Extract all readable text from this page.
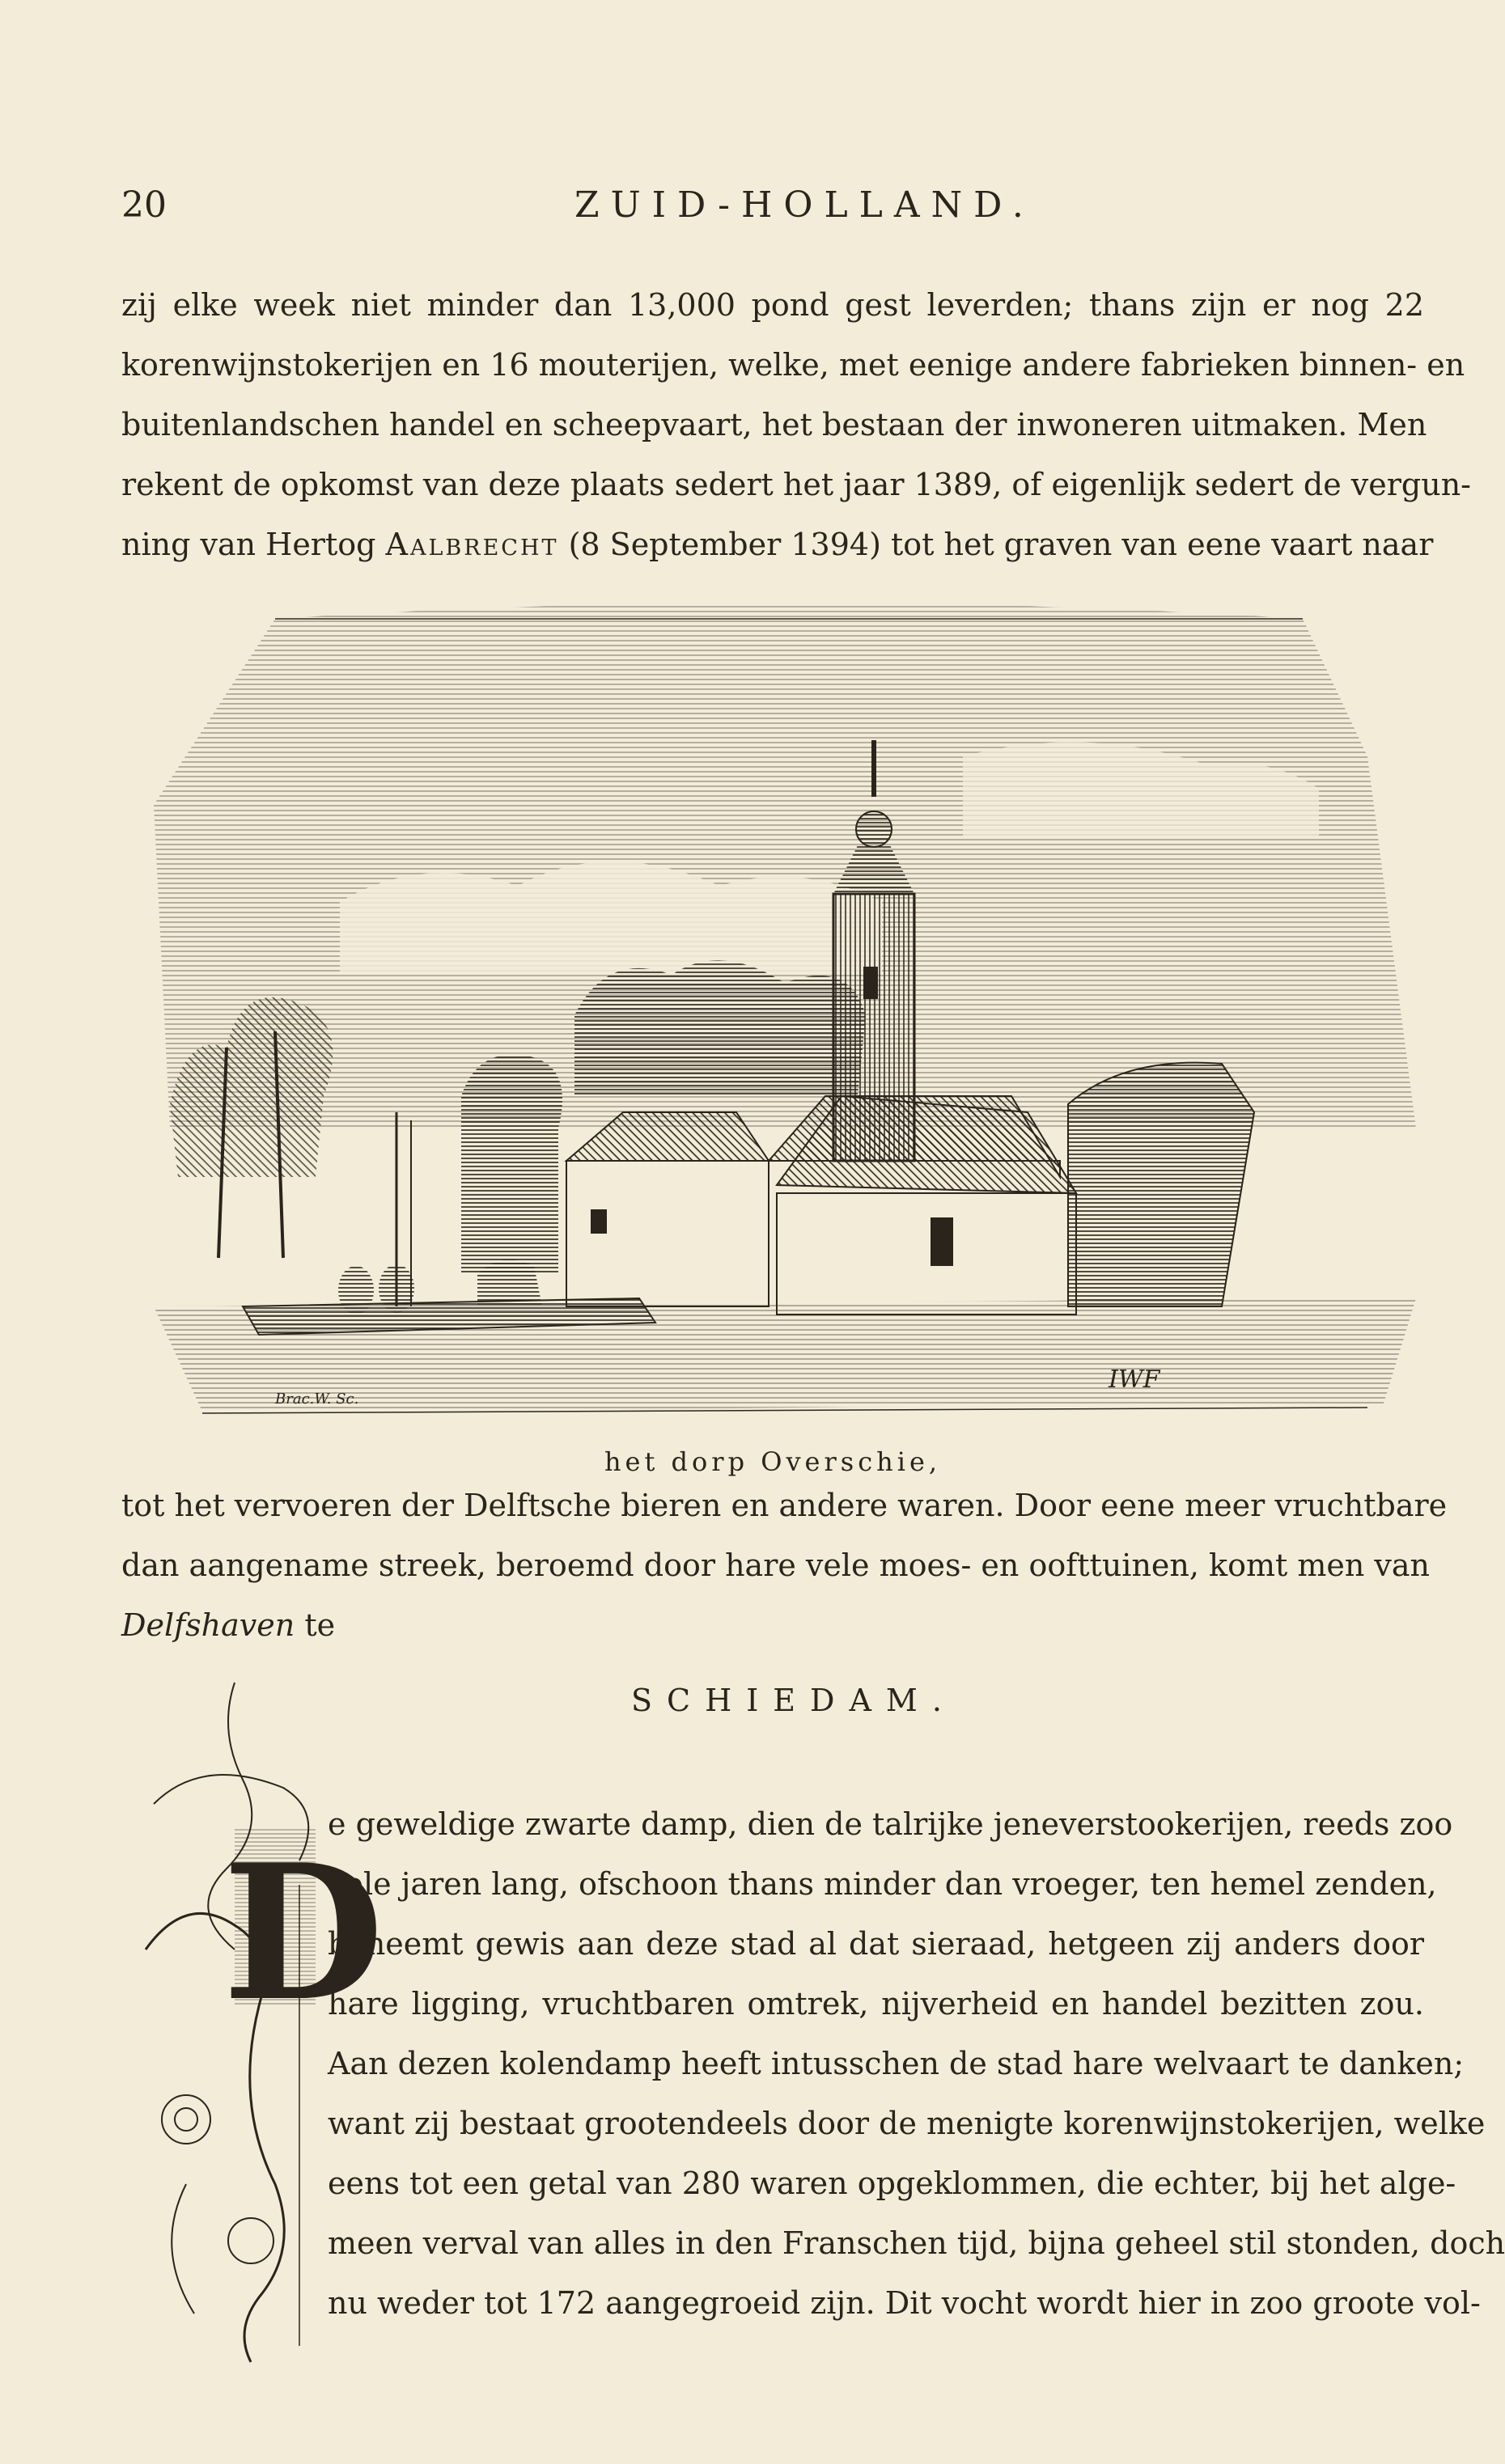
20	ZUID-HOLLAND.
zij elke week niet minder dan 13,000 pond gest leverden; thans zijn er nog 22
korenwijnstokerijen en 16 mouterijen, welke, met eenige andere fabrieken binnen- en
buitenlandschen handel en scheepvaart, het bestaan der inwoneren uitmaken. Men
rekent de opkomst van deze plaats sedert het jaar 1389, of eigenlijk sedert de vergun-
ning van Hertog Aalbrecht (8 September 1394) tot het graven van eene vaart naar
Brac.W. Sc.
IWF
het dorp Overschie,
tot het vervoeren der Delftsche bieren en andere waren. Door eene meer vruchtbare
dan aangename streek, beroemd door hare vele moes- en oofttuinen, komt men van
Delfshaven te
SCHIEDAM.
D
e geweldige zwarte damp, dien de talrijke jeneverstookerijen, reeds zoo
vele jaren lang, ofschoon thans minder dan vroeger, ten hemel zenden,
beneemt gewis aan deze stad al dat sieraad, hetgeen zij anders door
hare ligging, vruchtbaren omtrek, nijverheid en handel bezitten zou.
Aan dezen kolendamp heeft intusschen de stad hare welvaart te danken;
want zij bestaat grootendeels door de menigte korenwijnstokerijen, welke
eens tot een getal van 280 waren opgeklommen, die echter, bij het alge-
meen verval van alles in den Franschen tijd, bijna geheel stil stonden, doch
nu weder tot 172 aangegroeid zijn. Dit vocht wordt hier in zoo groote vol-
